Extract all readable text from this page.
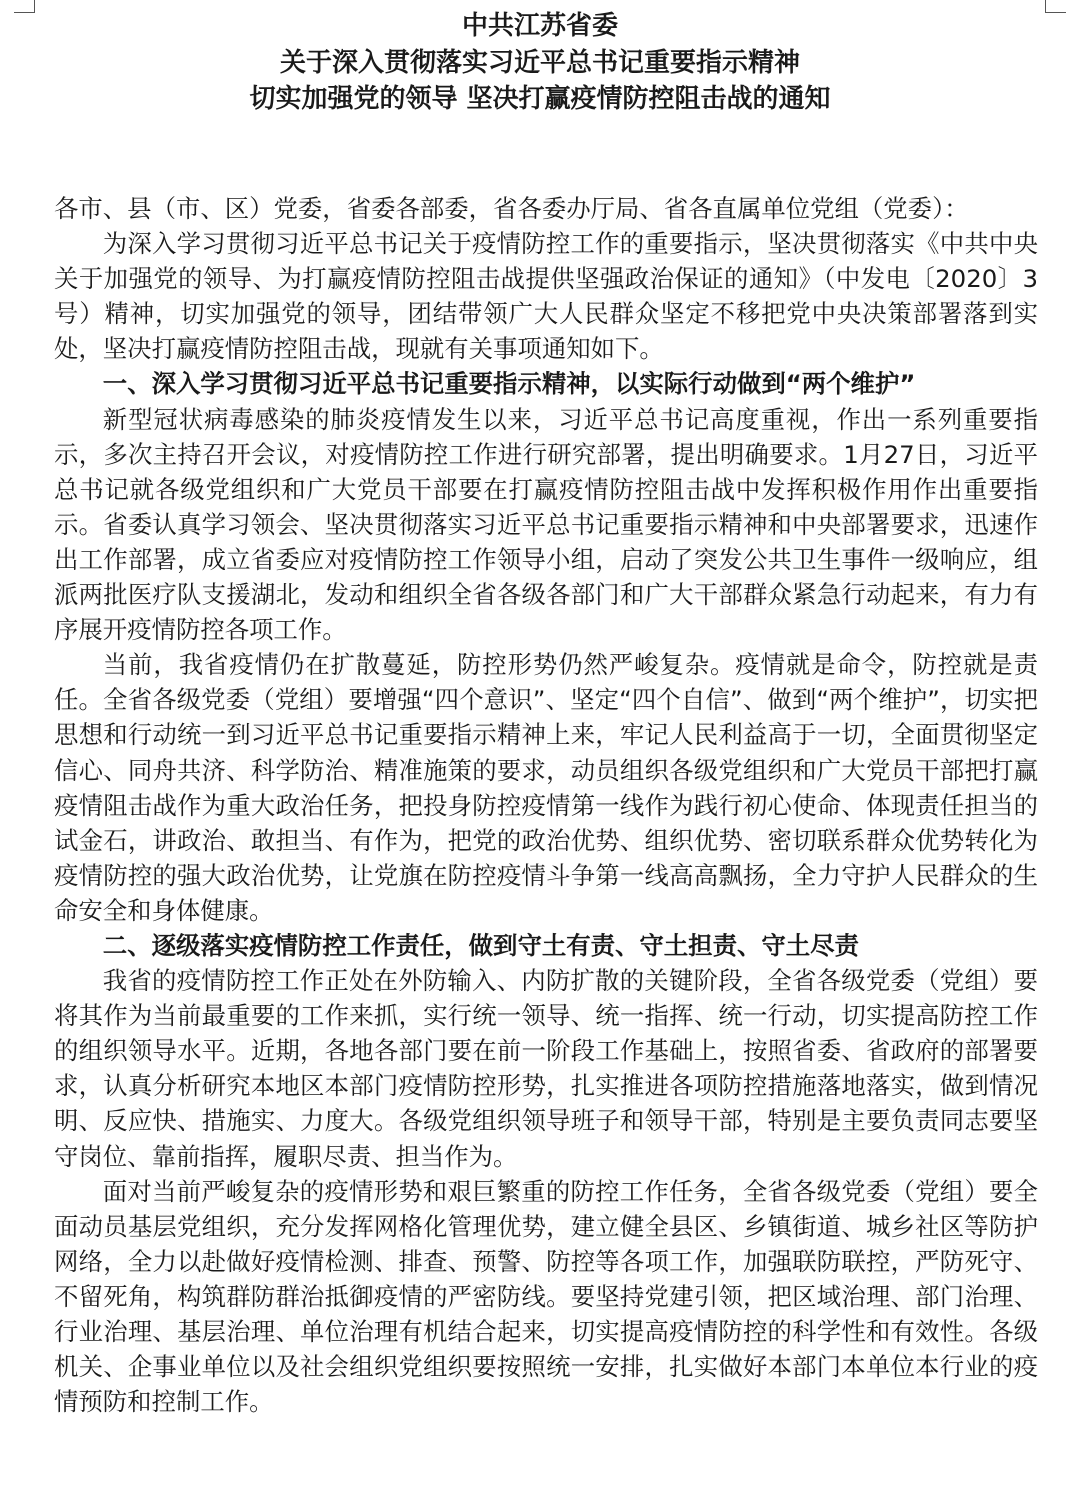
中共江苏省委
关于深入贯彻落实习近平总书记重要指示精神
切实加强党的领导 坚决打赢疫情防控阻击战的通知

各市、县（市、区）党委，省委各部委，省各委办厅局、省各直属单位党组（党委）：

为深入学习贯彻习近平总书记关于疫情防控工作的重要指示，坚决贯彻落实《中共中央关于加强党的领导、为打赢疫情防控阻击战提供坚强政治保证的通知》（中发电〔2020〕3号）精神，切实加强党的领导，团结带领广大人民群众坚定不移把党中央决策部署落到实处，坚决打赢疫情防控阻击战，现就有关事项通知如下。

一、深入学习贯彻习近平总书记重要指示精神，以实际行动做到“两个维护”

新型冠状病毒感染的肺炎疫情发生以来，习近平总书记高度重视，作出一系列重要指示，多次主持召开会议，对疫情防控工作进行研究部署，提出明确要求。1月27日，习近平总书记就各级党组织和广大党员干部要在打赢疫情防控阻击战中发挥积极作用作出重要指示。省委认真学习领会、坚决贯彻落实习近平总书记重要指示精神和中央部署要求，迅速作出工作部署，成立省委应对疫情防控工作领导小组，启动了突发公共卫生事件一级响应，组派两批医疗队支援湖北，发动和组织全省各级各部门和广大干部群众紧急行动起来，有力有序展开疫情防控各项工作。

当前，我省疫情仍在扩散蔓延，防控形势仍然严峻复杂。疫情就是命令，防控就是责任。全省各级党委（党组）要增强“四个意识”、坚定“四个自信”、做到“两个维护”，切实把思想和行动统一到习近平总书记重要指示精神上来，牢记人民利益高于一切，全面贯彻坚定信心、同舟共济、科学防治、精准施策的要求，动员组织各级党组织和广大党员干部把打赢疫情阻击战作为重大政治任务，把投身防控疫情第一线作为践行初心使命、体现责任担当的试金石，讲政治、敢担当、有作为，把党的政治优势、组织优势、密切联系群众优势转化为疫情防控的强大政治优势，让党旗在防控疫情斗争第一线高高飘扬，全力守护人民群众的生命安全和身体健康。

二、逐级落实疫情防控工作责任，做到守土有责、守土担责、守土尽责

我省的疫情防控工作正处在外防输入、内防扩散的关键阶段，全省各级党委（党组）要将其作为当前最重要的工作来抓，实行统一领导、统一指挥、统一行动，切实提高防控工作的组织领导水平。近期，各地各部门要在前一阶段工作基础上，按照省委、省政府的部署要求，认真分析研究本地区本部门疫情防控形势，扎实推进各项防控措施落地落实，做到情况明、反应快、措施实、力度大。各级党组织领导班子和领导干部，特别是主要负责同志要坚守岗位、靠前指挥，履职尽责、担当作为。

面对当前严峻复杂的疫情形势和艰巨繁重的防控工作任务，全省各级党委（党组）要全面动员基层党组织，充分发挥网格化管理优势，建立健全县区、乡镇街道、城乡社区等防护网络，全力以赴做好疫情检测、排查、预警、防控等各项工作，加强联防联控，严防死守、不留死角，构筑群防群治抵御疫情的严密防线。要坚持党建引领，把区域治理、部门治理、行业治理、基层治理、单位治理有机结合起来，切实提高疫情防控的科学性和有效性。各级机关、企事业单位以及社会组织党组织要按照统一安排，扎实做好本部门本单位本行业的疫情预防和控制工作。
